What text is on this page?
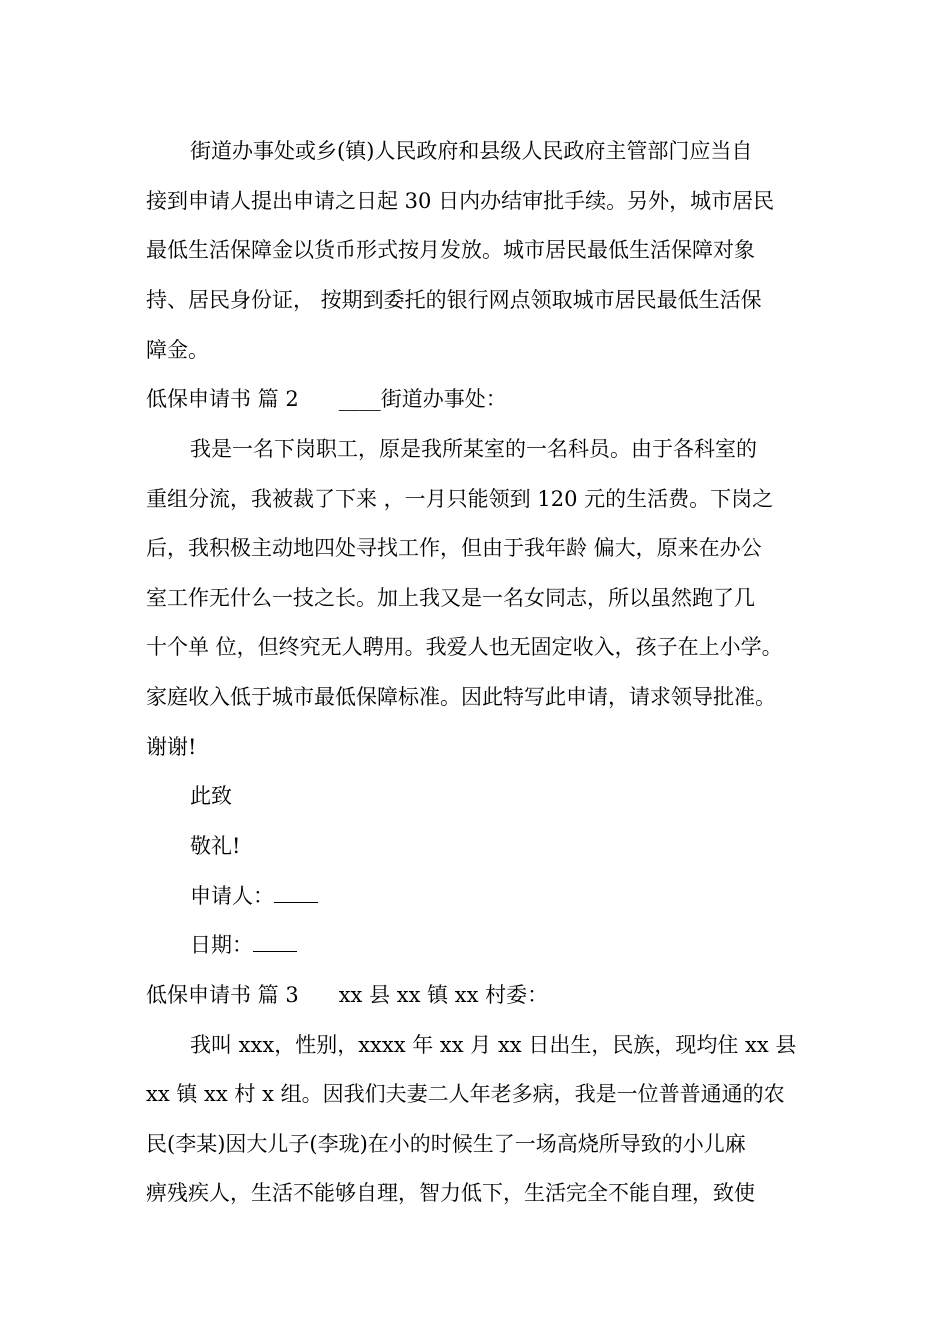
街道办事处或乡(镇)人民政府和县级人民政府主管部门应当自
接到申请人提出申请之日起 30 日内办结审批手续。另外，城市居民
最低生活保障金以货币形式按月发放。城市居民最低生活保障对象
持、居民身份证， 按期到委托的银行网点领取城市居民最低生活保
障金。
低保申请书 篇 2 ____街道办事处：
我是一名下岗职工，原是我所某室的一名科员。由于各科室的
重组分流，我被裁了下来 ，一月只能领到 120 元的生活费。下岗之
后，我积极主动地四处寻找工作，但由于我年龄 偏大，原来在办公
室工作无什么一技之长。加上我又是一名女同志，所以虽然跑了几
十个单 位，但终究无人聘用。我爱人也无固定收入，孩子在上小学。
家庭收入低于城市最低保障标准。因此特写此申请，请求领导批准。
谢谢!
此致
敬礼!
申请人：
日期：
低保申请书 篇 3 xx 县 xx 镇 xx 村委：
我叫 xxx，性别，xxxx 年 xx 月 xx 日出生，民族，现均住 xx 县
xx 镇 xx 村 x 组。因我们夫妻二人年老多病，我是一位普普通通的农
民(李某)因大儿子(李珑)在小的时候生了一场高烧所导致的小儿麻
痹残疾人，生活不能够自理，智力低下，生活完全不能自理，致使
